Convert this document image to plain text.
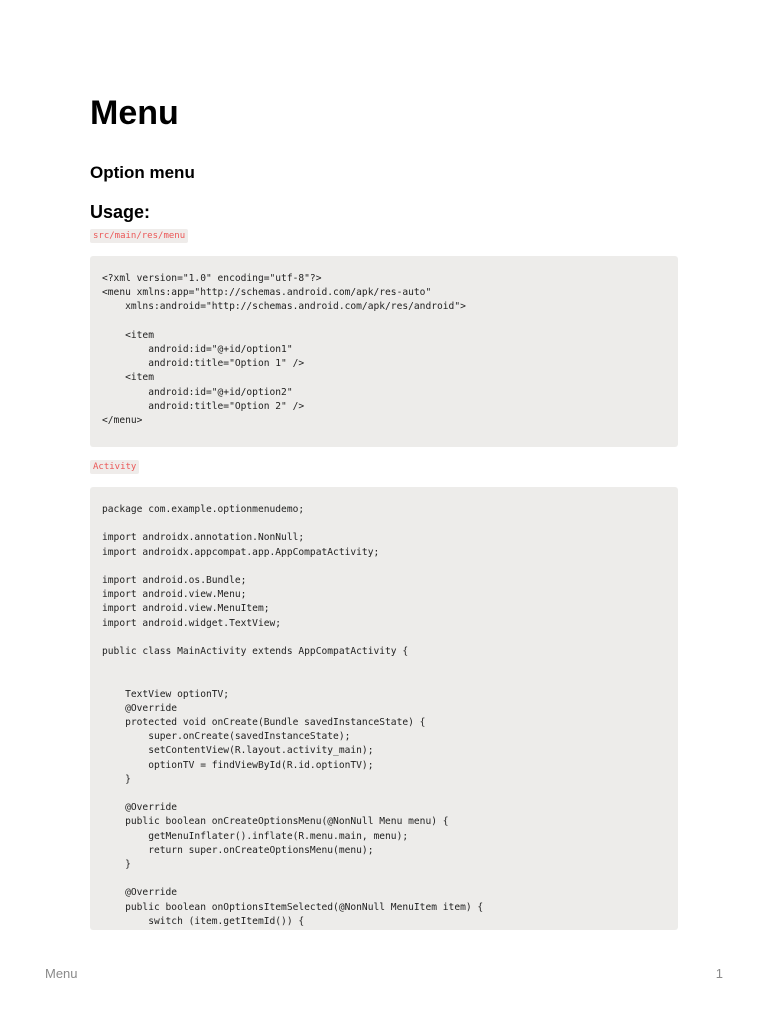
Menu
Option menu
Usage:
src/main/res/menu
<?xml version="1.0" encoding="utf-8"?>
<menu xmlns:app="http://schemas.android.com/apk/res-auto"
xmlns:android="http://schemas.android.com/apk/res/android">
<item
android:id="@+id/option1"
android:title="Option 1" />
<item
android:id="@+id/option2"
android:title="Option 2" />
</menu>
Activity
package com.example.optionmenudemo;
import androidx.annotation.NonNull;
import androidx.appcompat.app.AppCompatActivity;
import android.os.Bundle;
import android.view.Menu;
import android.view.MenuItem;
import android.widget.TextView;
public class MainActivity extends AppCompatActivity {
TextView optionTV;
@Override
protected void onCreate(Bundle savedInstanceState) {
super.onCreate(savedInstanceState);
setContentView(R.layout.activity_main);
optionTV = findViewById(R.id.optionTV);
}
@Override
public boolean onCreateOptionsMenu(@NonNull Menu menu) {
getMenuInflater().inflate(R.menu.main, menu);
return super.onCreateOptionsMenu(menu);
}
@Override
public boolean onOptionsItemSelected(@NonNull MenuItem item) {
switch (item.getItemId()) {
Menu	1
